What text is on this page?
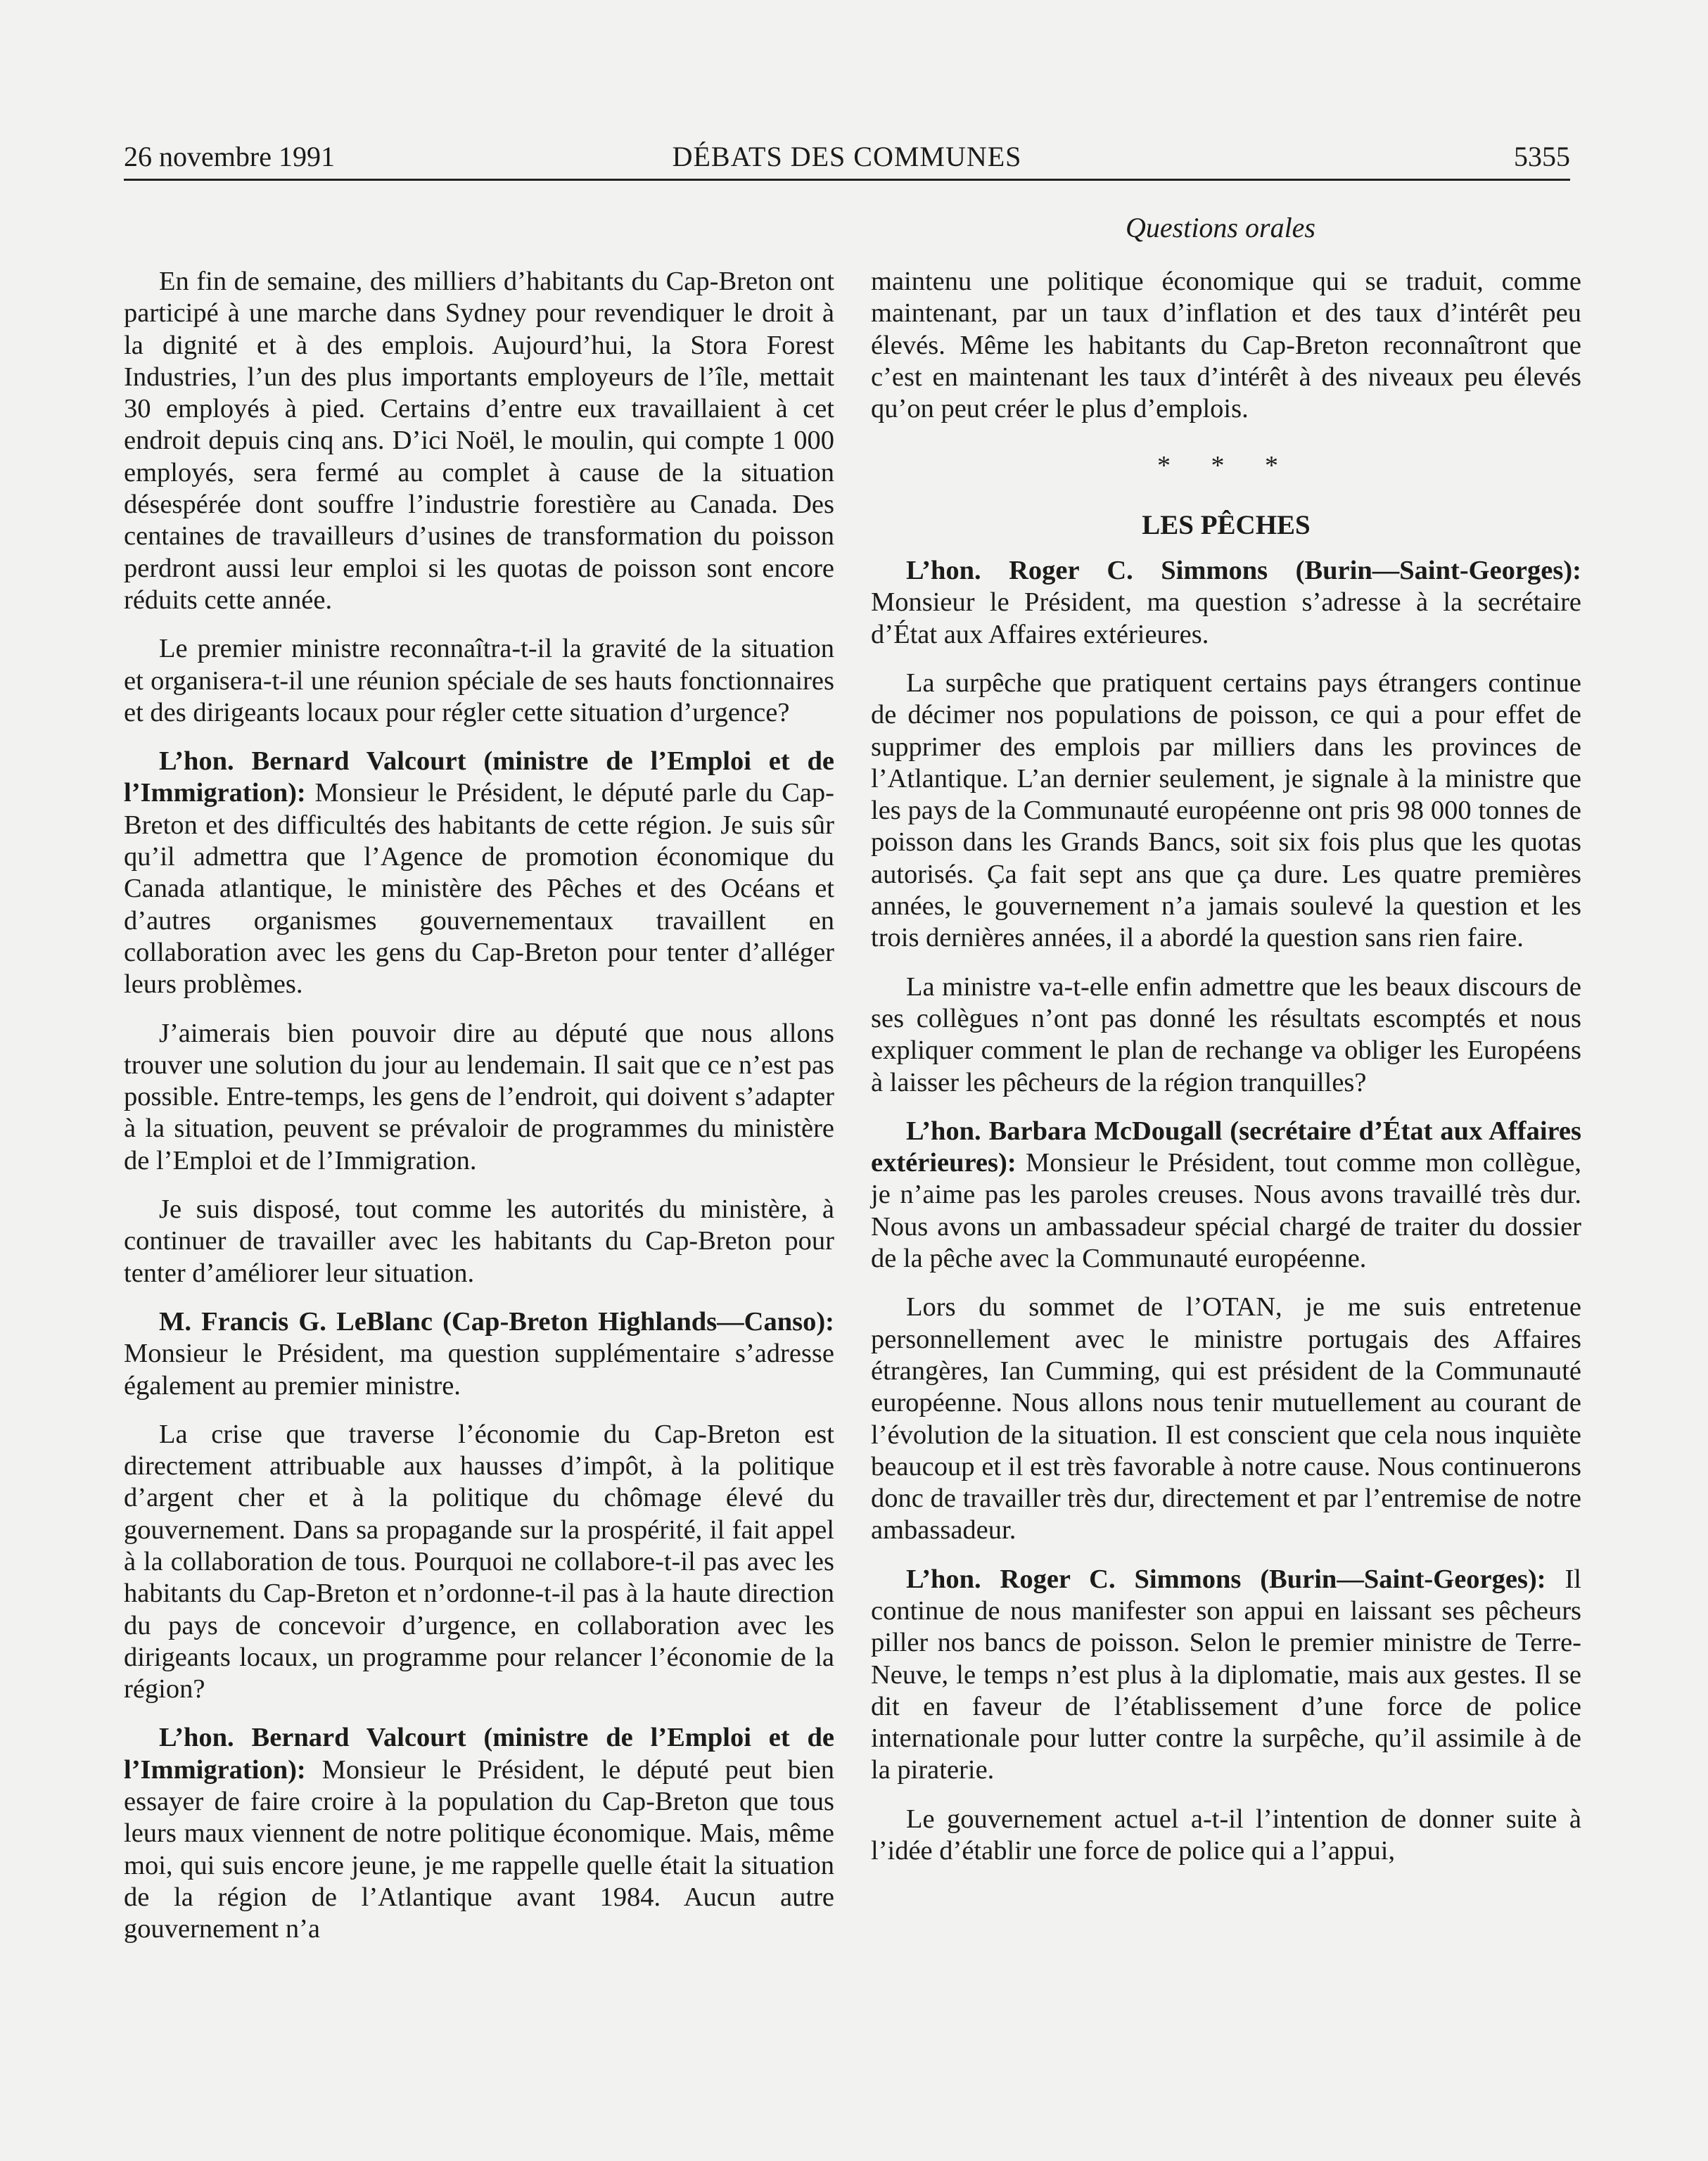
26 novembre 1991	DÉBATS DES COMMUNES	5355
Questions orales

En fin de semaine, des milliers d’habitants du Cap-Breton ont participé à une marche dans Sydney pour revendiquer le droit à la dignité et à des emplois. Aujourd’hui, la Stora Forest Industries, l’un des plus importants employeurs de l’île, mettait 30 employés à pied. Certains d’entre eux travaillaient à cet endroit depuis cinq ans. D’ici Noël, le moulin, qui compte 1 000 employés, sera fermé au complet à cause de la situation désespérée dont souffre l’industrie forestière au Canada. Des centaines de travailleurs d’usines de transformation du poisson perdront aussi leur emploi si les quotas de poisson sont encore réduits cette année.

Le premier ministre reconnaîtra-t-il la gravité de la situation et organisera-t-il une réunion spéciale de ses hauts fonctionnaires et des dirigeants locaux pour régler cette situation d’urgence?

L’hon. Bernard Valcourt (ministre de l’Emploi et de l’Immigration): Monsieur le Président, le député parle du Cap-Breton et des difficultés des habitants de cette région. Je suis sûr qu’il admettra que l’Agence de promotion économique du Canada atlantique, le ministère des Pêches et des Océans et d’autres organismes gouvernementaux travaillent en collaboration avec les gens du Cap-Breton pour tenter d’alléger leurs problèmes.

J’aimerais bien pouvoir dire au député que nous allons trouver une solution du jour au lendemain. Il sait que ce n’est pas possible. Entre-temps, les gens de l’endroit, qui doivent s’adapter à la situation, peuvent se prévaloir de programmes du ministère de l’Emploi et de l’Immigration.

Je suis disposé, tout comme les autorités du ministère, à continuer de travailler avec les habitants du Cap-Breton pour tenter d’améliorer leur situation.

M. Francis G. LeBlanc (Cap-Breton Highlands—Canso): Monsieur le Président, ma question supplémentaire s’adresse également au premier ministre.

La crise que traverse l’économie du Cap-Breton est directement attribuable aux hausses d’impôt, à la politique d’argent cher et à la politique du chômage élevé du gouvernement. Dans sa propagande sur la prospérité, il fait appel à la collaboration de tous. Pourquoi ne collabore-t-il pas avec les habitants du Cap-Breton et n’ordonne-t-il pas à la haute direction du pays de concevoir d’urgence, en collaboration avec les dirigeants locaux, un programme pour relancer l’économie de la région?

L’hon. Bernard Valcourt (ministre de l’Emploi et de l’Immigration): Monsieur le Président, le député peut bien essayer de faire croire à la population du Cap-Breton que tous leurs maux viennent de notre politique économique. Mais, même moi, qui suis encore jeune, je me rappelle quelle était la situation de la région de l’Atlantique avant 1984. Aucun autre gouvernement n’a

maintenu une politique économique qui se traduit, comme maintenant, par un taux d’inflation et des taux d’intérêt peu élevés. Même les habitants du Cap-Breton reconnaîtront que c’est en maintenant les taux d’intérêt à des niveaux peu élevés qu’on peut créer le plus d’emplois.

* * *
LES PÊCHES

L’hon. Roger C. Simmons (Burin—Saint-Georges): Monsieur le Président, ma question s’adresse à la secrétaire d’État aux Affaires extérieures.

La surpêche que pratiquent certains pays étrangers continue de décimer nos populations de poisson, ce qui a pour effet de supprimer des emplois par milliers dans les provinces de l’Atlantique. L’an dernier seulement, je signale à la ministre que les pays de la Communauté européenne ont pris 98 000 tonnes de poisson dans les Grands Bancs, soit six fois plus que les quotas autorisés. Ça fait sept ans que ça dure. Les quatre premières années, le gouvernement n’a jamais soulevé la question et les trois dernières années, il a abordé la question sans rien faire.

La ministre va-t-elle enfin admettre que les beaux discours de ses collègues n’ont pas donné les résultats escomptés et nous expliquer comment le plan de rechange va obliger les Européens à laisser les pêcheurs de la région tranquilles?

L’hon. Barbara McDougall (secrétaire d’État aux Affaires extérieures): Monsieur le Président, tout comme mon collègue, je n’aime pas les paroles creuses. Nous avons travaillé très dur. Nous avons un ambassadeur spécial chargé de traiter du dossier de la pêche avec la Communauté européenne.

Lors du sommet de l’OTAN, je me suis entretenue personnellement avec le ministre portugais des Affaires étrangères, Ian Cumming, qui est président de la Communauté européenne. Nous allons nous tenir mutuellement au courant de l’évolution de la situation. Il est conscient que cela nous inquiète beaucoup et il est très favorable à notre cause. Nous continuerons donc de travailler très dur, directement et par l’entremise de notre ambassadeur.

L’hon. Roger C. Simmons (Burin—Saint-Georges): Il continue de nous manifester son appui en laissant ses pêcheurs piller nos bancs de poisson. Selon le premier ministre de Terre-Neuve, le temps n’est plus à la diplomatie, mais aux gestes. Il se dit en faveur de l’établissement d’une force de police internationale pour lutter contre la surpêche, qu’il assimile à de la piraterie.

Le gouvernement actuel a-t-il l’intention de donner suite à l’idée d’établir une force de police qui a l’appui,
